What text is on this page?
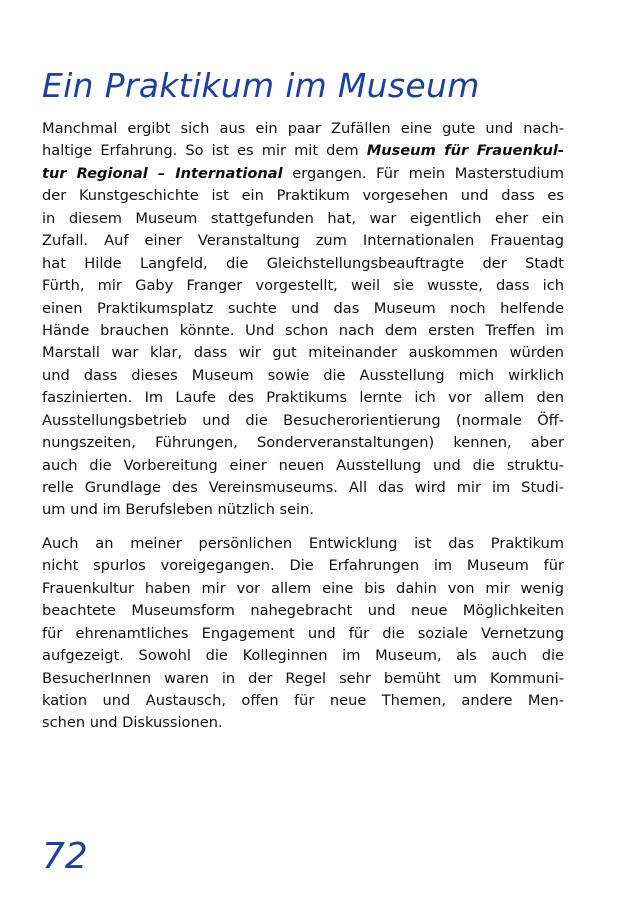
Ein Praktikum im Museum
Manchmal ergibt sich aus ein paar Zufällen eine gute und nach-
haltige Erfahrung. So ist es mir mit dem Museum für Frauenkul-
tur Regional – International ergangen. Für mein Masterstudium
der Kunstgeschichte ist ein Praktikum vorgesehen und dass es
in diesem Museum stattgefunden hat, war eigentlich eher ein
Zufall. Auf einer Veranstaltung zum Internationalen Frauentag
hat Hilde Langfeld, die Gleichstellungsbeauftragte der Stadt
Fürth, mir Gaby Franger vorgestellt, weil sie wusste, dass ich
einen Praktikumsplatz suchte und das Museum noch helfende
Hände brauchen könnte. Und schon nach dem ersten Treffen im
Marstall war klar, dass wir gut miteinander auskommen würden
und dass dieses Museum sowie die Ausstellung mich wirklich
faszinierten. Im Laufe des Praktikums lernte ich vor allem den
Ausstellungsbetrieb und die Besucherorientierung (normale Öff-
nungszeiten, Führungen, Sonderveranstaltungen) kennen, aber
auch die Vorbereitung einer neuen Ausstellung und die struktu-
relle Grundlage des Vereinsmuseums. All das wird mir im Studi-
um und im Berufsleben nützlich sein.
Auch an meiner persönlichen Entwicklung ist das Praktikum
nicht spurlos voreigegangen. Die Erfahrungen im Museum für
Frauenkultur haben mir vor allem eine bis dahin von mir wenig
beachtete Museumsform nahegebracht und neue Möglichkeiten
für ehrenamtliches Engagement und für die soziale Vernetzung
aufgezeigt. Sowohl die Kolleginnen im Museum, als auch die
BesucherInnen waren in der Regel sehr bemüht um Kommuni-
kation und Austausch, offen für neue Themen, andere Men-
schen und Diskussionen.
72
